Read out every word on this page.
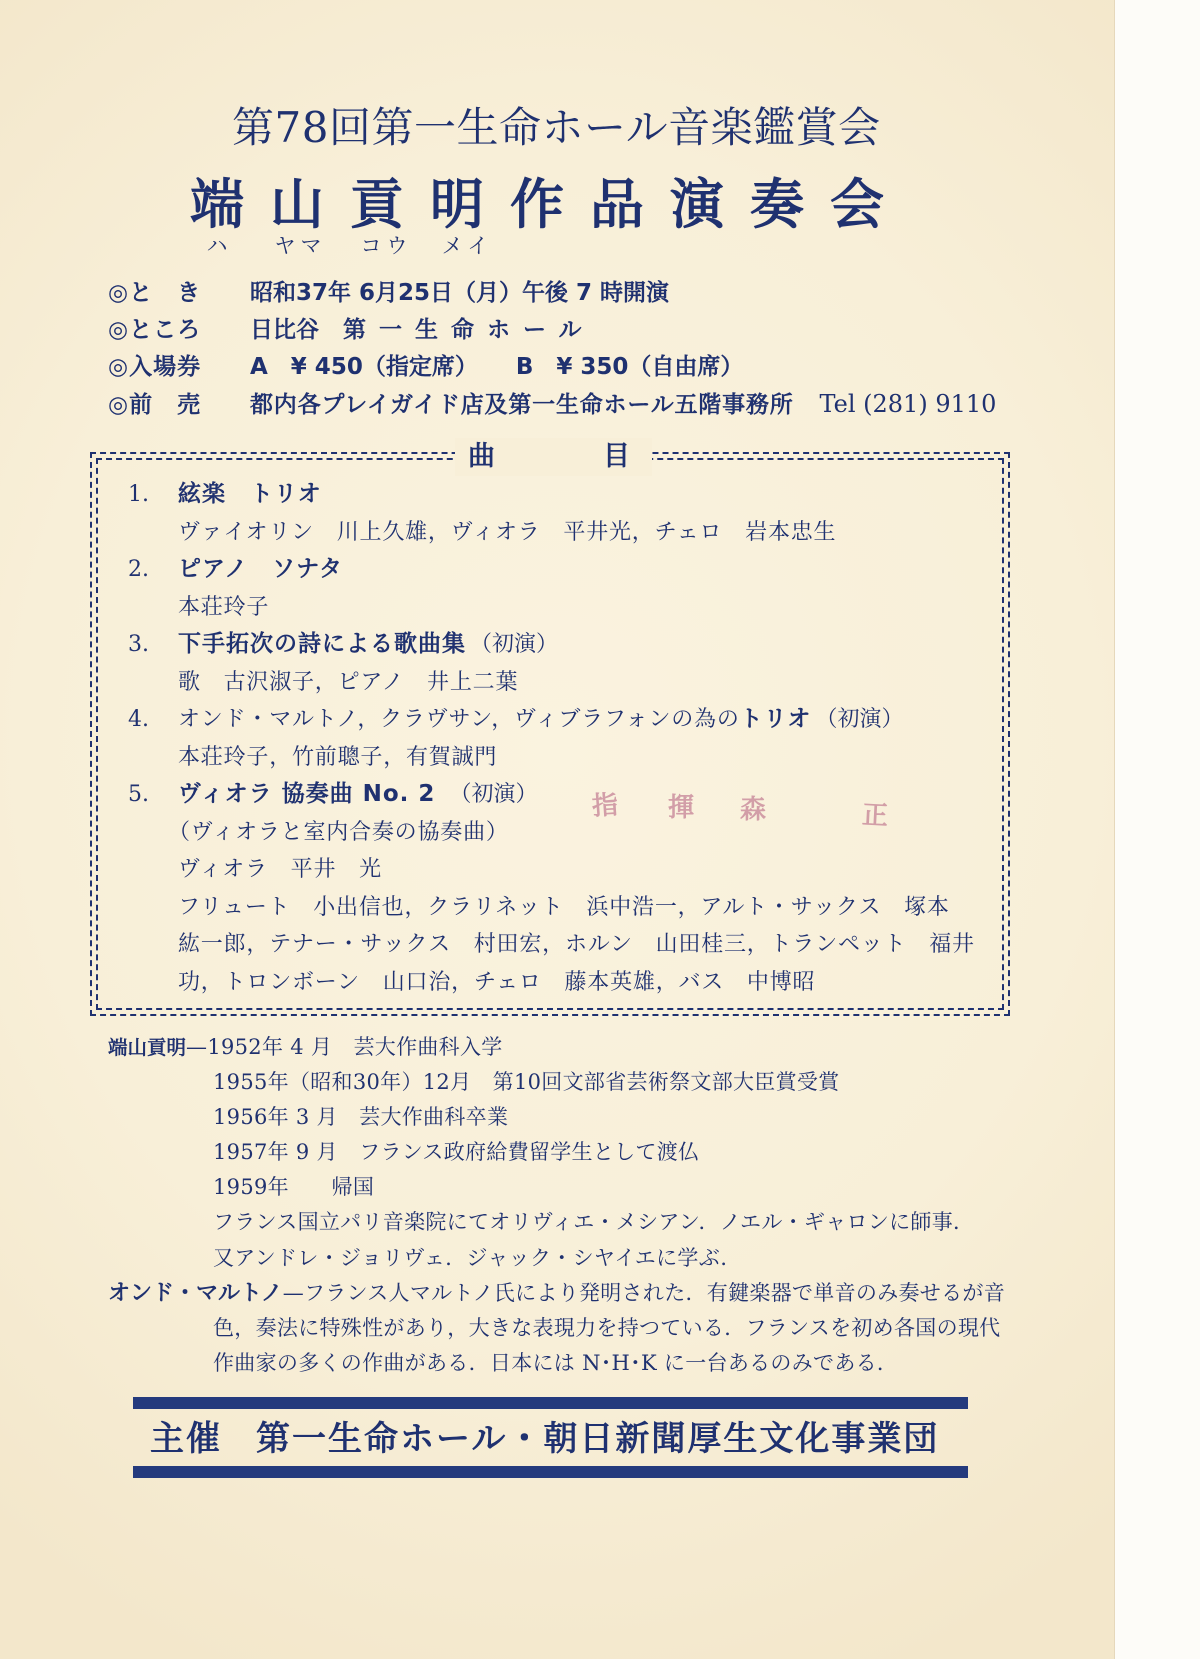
第78回第一生命ホール音楽鑑賞会
端山貢明作品演奏会
ハ	ヤマ コウ メイ
◎と　き 昭和37年 6月25日（月）午後 7 時開演
◎ところ 日比谷 第一生命ホール
◎入場券 A　¥ 450（指定席） B　¥ 350（自由席）
◎前　売 都内各プレイガイド店及第一生命ホール五階事務所 Tel (281) 9110
曲　　目
1. 絃楽　トリオ
ヴァイオリン　川上久雄，ヴィオラ　平井光，チェロ　岩本忠生
2. ピアノ　ソナタ
本荘玲子
3. 下手拓次の詩による歌曲集 （初演）
歌　古沢淑子，ピアノ　井上二葉
4. オンド・マルトノ，クラヴサン，ヴィブラフォンの為のトリオ （初演）
本荘玲子，竹前聰子，有賀誠門
5. ヴィオラ 協奏曲 No. 2 （初演）
（ヴィオラと室内合奏の協奏曲）
ヴィオラ　平井　光
フリュート　小出信也，クラリネット　浜中浩一，アルト・サックス　塚本
紘一郎，テナー・サックス　村田宏，ホルン　山田桂三，トランペット　福井
功，トロンボーン　山口治，チェロ　藤本英雄，バス　中博昭
指 揮 森	正
端山貢明—1952年 4 月　芸大作曲科入学
1955年（昭和30年）12月　第10回文部省芸術祭文部大臣賞受賞
1956年 3 月　芸大作曲科卒業
1957年 9 月　フランス政府給費留学生として渡仏
1959年　　帰国
フランス国立パリ音楽院にてオリヴィエ・メシアン．ノエル・ギャロンに師事．
又アンドレ・ジョリヴェ．ジャック・シヤイエに学ぶ．
オンド・マルトノ—フランス人マルトノ氏により発明された．有鍵楽器で単音のみ奏せるが音
色，奏法に特殊性があり，大きな表現力を持つている．フランスを初め各国の現代
作曲家の多くの作曲がある．日本には N･H･K に一台あるのみである．
主催 第一生命ホール・朝日新聞厚生文化事業団
